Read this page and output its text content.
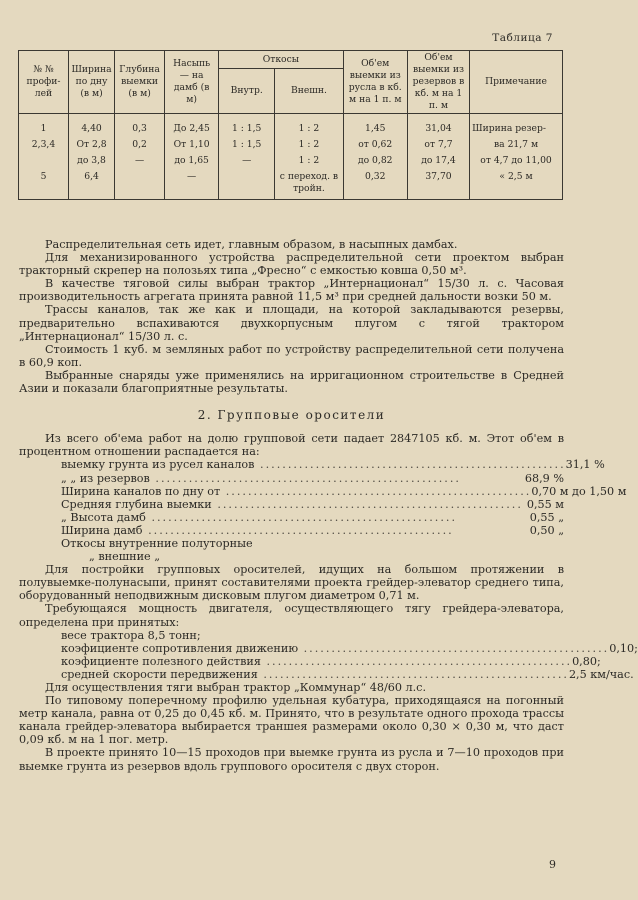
Таблица 7
№ № профи- лей	Ширина по дну (в м)	Глубина выемки (в м)	Насыпь — на дамб (в м)	Откосы		Об'ем выемки из русла в кб. м на 1 п. м	Об'ем выемки из резервов в кб. м на 1 п. м	Примечание
				Внутр.	Внешн.			
1	4,40	0,3	До 2,45	1 : 1,5	1 : 2	1,45	31,04	Ширина резер-
2,3,4	От 2,8	0,2	От 1,10	1 : 1,5	1 : 2	от 0,62	от 7,7	ва 21,7 м
	до 3,8	—	до 1,65	—	1 : 2	до 0,82	до 17,4	от 4,7 до 11,00
5	6,4		—		с переход. в тройн.	0,32	37,70	« 2,5 м

Распределительная сеть идет, главным образом, в насыпных дамбах.

Для механизированного устройства распределительной сети проектом выбран тракторный скрепер на полозьях типа „Фресно“ с емкостью ковша 0,50 м³.

В качестве тяговой силы выбран трактор „Интернационал“ 15/30 л. с. Часовая производительность агрегата принята равной 11,5 м³ при средней дальности возки 50 м.

Трассы каналов, так же как и площади, на которой закладываются резервы, предварительно вспахиваются двухкорпусным плугом с тягой трактором „Интернационал“ 15/30 л. с.

Стоимость 1 куб. м земляных работ по устройству распределительной сети получена в 60,9 коп.

Выбранные снаряды уже применялись на ирригационном строительстве в Средней Азии и показали благоприятные результаты.

2. Групповые оросители

Из всего об'ема работ на долю групповой сети падает 2847105 кб. м. Этот об'ем в процентном отношении распадается на:

выемку грунта из русел каналов ....................................................... 31,1 %
„ „ из резервов .......................................................	68,9 %
Ширина каналов по дну от ....................................................... 0,70 м до 1,50 м
Средняя глубина выемки ....................................................... 0,55 м
„ Высота дамб .......................................................	0,55 „
Ширина дамб .......................................................	0,50 „
Откосы внутренние полуторные
„ внешние „

Для постройки групповых оросителей, идущих на большом протяжении в полувыемке-полунасыпи, принят составителями проекта грейдер-элеватор среднего типа, оборудованный неподвижным дисковым плугом диаметром 0,71 м.

Требующаяся мощность двигателя, осуществляющего тягу грейдера-элеватора, определена при принятых:

весе трактора 8,5 тонн;
коэфициенте сопротивления движению ....................................................... 0,10;
коэфициенте полезного действия ....................................................... 0,80;
средней скорости передвижения ....................................................... 2,5 км/час.

Для осуществления тяги выбран трактор „Коммунар“ 48/60 л.с.

По типовому поперечному профилю удельная кубатура, приходящаяся на погонный метр канала, равна от 0,25 до 0,45 кб. м. Принято, что в результате одного прохода трассы канала грейдер-элеватора выбирается траншея размерами около 0,30 × 0,30 м, что даст 0,09 кб. м на 1 пог. метр.

В проекте принято 10—15 проходов при выемке грунта из русла и 7—10 проходов при выемке грунта из резервов вдоль группового оросителя с двух сторон.

9
